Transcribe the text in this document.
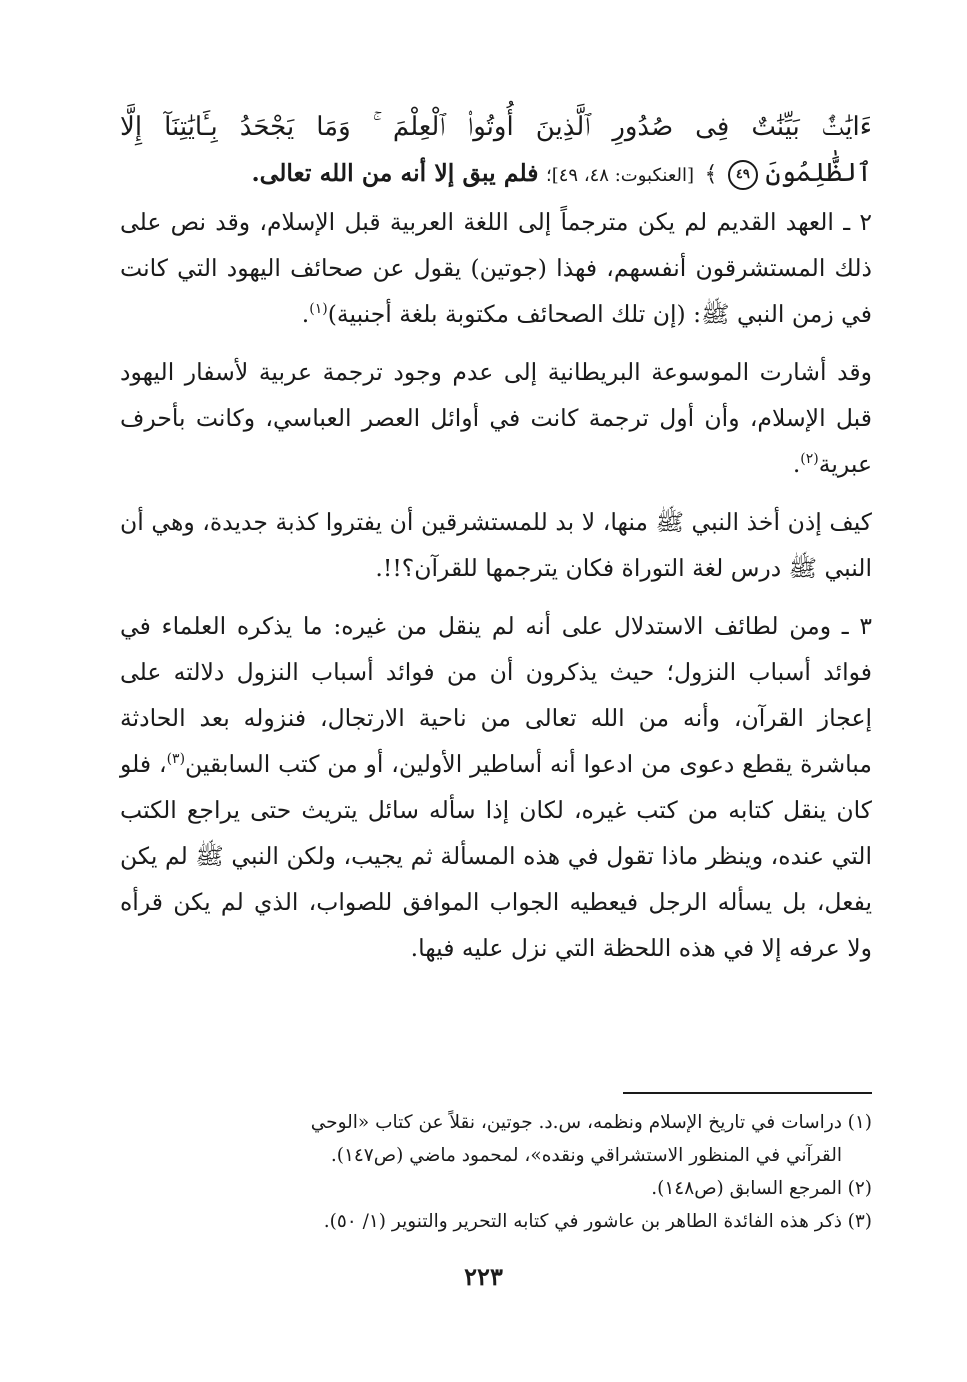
ءَايَٰتٌۢ بَيِّنَٰتٌ فِى صُدُورِ ٱلَّذِينَ أُوتُوا۟ ٱلْعِلْمَ ۚ وَمَا يَجْحَدُ بِـَٔايَٰتِنَآ إِلَّا

ٱلظَّٰلِمُونَ ٤٩ ﴾ [العنكبوت: ٤٨، ٤٩]؛ فلم يبق إلا أنه من الله تعالى.

٢ ـ العهد القديم لم يكن مترجماً إلى اللغة العربية قبل الإسلام، وقد نص على ذلك المستشرقون أنفسهم، فهذا (جوتين) يقول عن صحائف اليهود التي كانت في زمن النبي ﷺ: (إن تلك الصحائف مكتوبة بلغة أجنبية)$^{(١)}$.

وقد أشارت الموسوعة البريطانية إلى عدم وجود ترجمة عربية لأسفار اليهود قبل الإسلام، وأن أول ترجمة كانت في أوائل العصر العباسي، وكانت بأحرف عبرية$^{(٢)}$.

كيف إذن أخذ النبي ﷺ منها، لا بد للمستشرقين أن يفتروا كذبة جديدة، وهي أن النبي ﷺ درس لغة التوراة فكان يترجمها للقرآن؟!!.

٣ ـ ومن لطائف الاستدلال على أنه لم ينقل من غيره: ما يذكره العلماء في فوائد أسباب النزول؛ حيث يذكرون أن من فوائد أسباب النزول دلالته على إعجاز القرآن، وأنه من الله تعالى من ناحية الارتجال، فنزوله بعد الحادثة مباشرة يقطع دعوى من ادعوا أنه أساطير الأولين، أو من كتب السابقين$^{(٣)}$، فلو كان ينقل كتابه من كتب غيره، لكان إذا سأله سائل يتريث حتى يراجع الكتب التي عنده، وينظر ماذا تقول في هذه المسألة ثم يجيب، ولكن النبي ﷺ لم يكن يفعل، بل يسأله الرجل فيعطيه الجواب الموافق للصواب، الذي لم يكن قرأه ولا عرفه إلا في هذه اللحظة التي نزل عليه فيها.

(١)دراسات في تاريخ الإسلام ونظمه، س.د. جوتين، نقلاً عن كتاب «الوحي
القرآني في المنظور الاستشراقي ونقده»، لمحمود ماضي (ص١٤٧).

(٢)المرجع السابق (ص١٤٨).

(٣)ذكر هذه الفائدة الطاهر بن عاشور في كتابه التحرير والتنوير (١/ ٥٠).

٢٢٣
